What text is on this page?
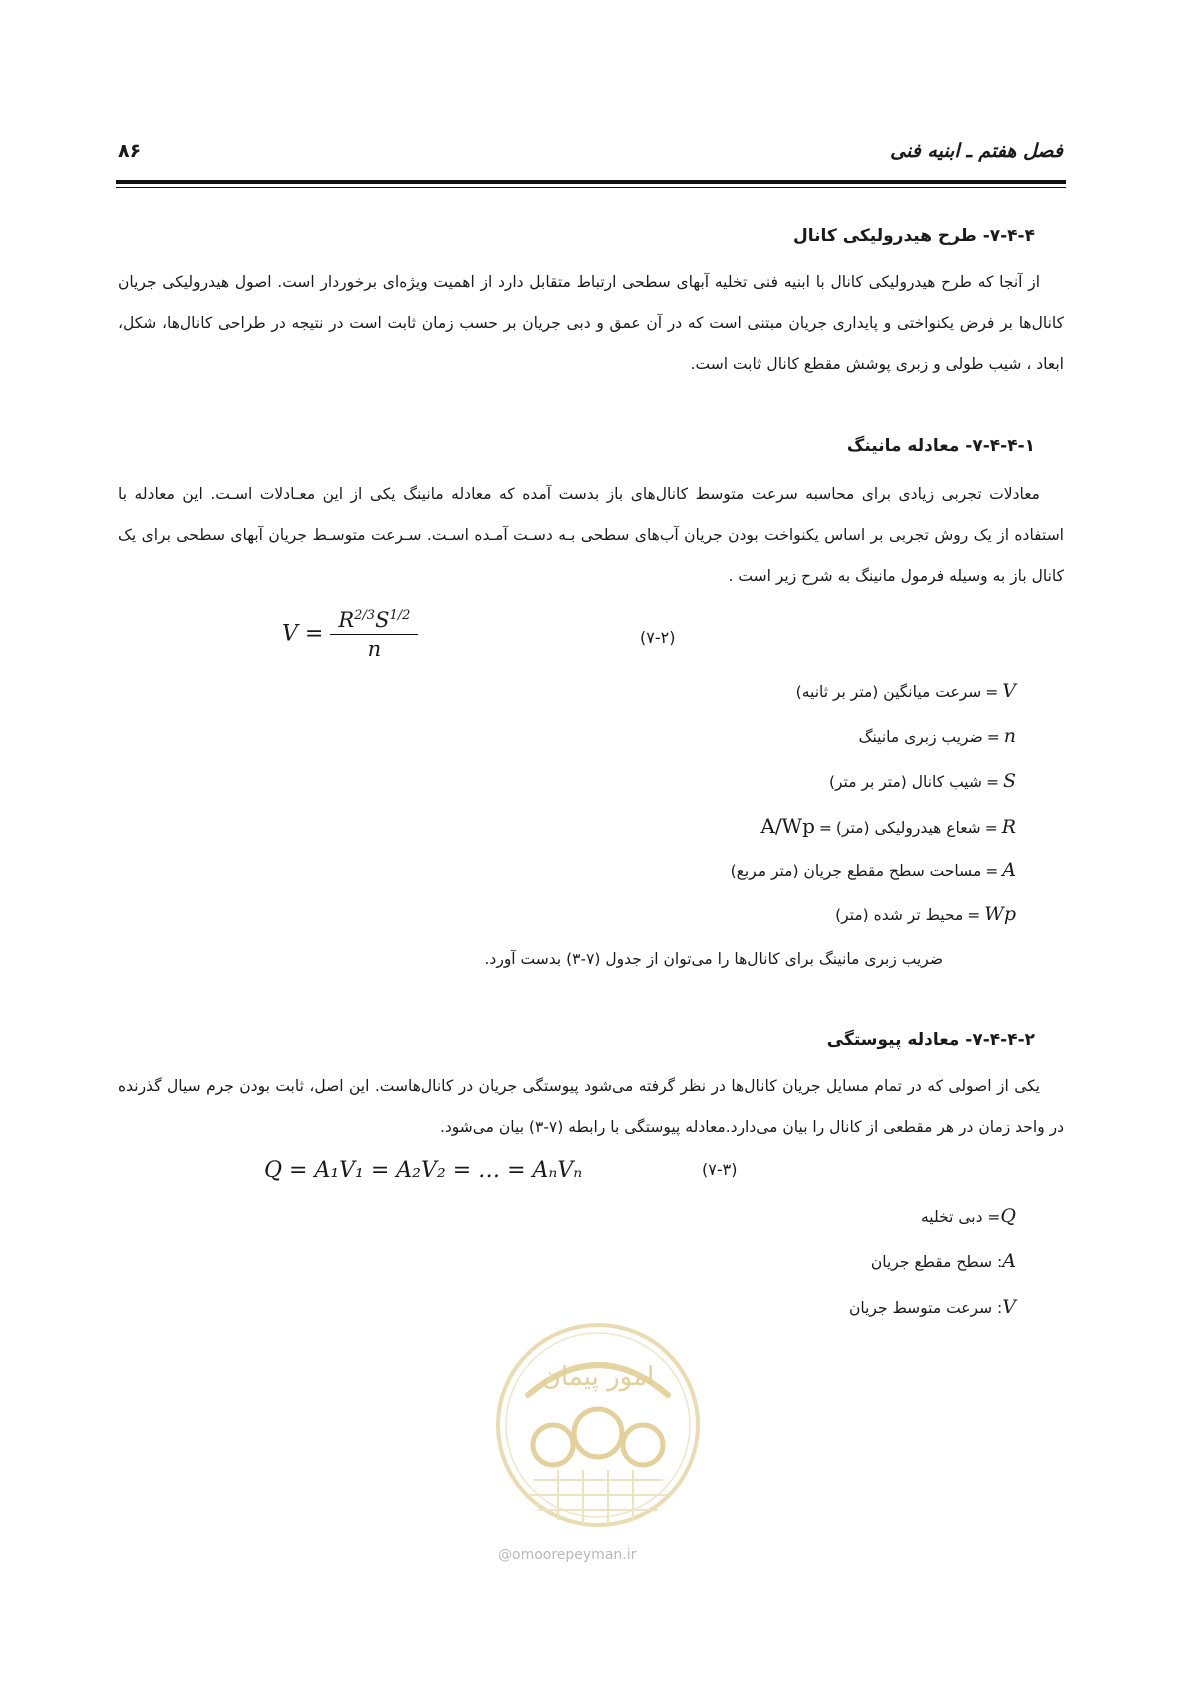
فصل هفتم ـ ابنیه فنی
۸۶
۷-۴-۴- طرح هیدرولیکی کانال
از آنجا که طرح هیدرولیکی کانال با ابنیه فنی تخلیه آبهای سطحی ارتباط متقابل دارد از اهمیت ویژه‌ای برخوردار است. اصول هیدرولیکی جریان کانال‌ها بر فرض یکنواختی و پایداری جریان مبتنی است که در آن عمق و دبی جریان بر حسب زمان ثابت است در نتیجه در طراحی کانال‌ها، شکل، ابعاد ، شیب طولی و زبری پوشش مقطع کانال ثابت است.
۷-۴-۴-۱- معادله مانینگ
معادلات تجربی زیادی برای محاسبه سرعت متوسط کانال‌های باز بدست آمده که معادله مانینگ یکی از این معـادلات اسـت. این معادله با استفاده از یک روش تجربی بر اساس یکنواخت بودن جریان آب‌های سطحی بـه دسـت آمـده اسـت. سـرعت متوسـط جریان آبهای سطحی برای یک کانال باز به وسیله فرمول مانینگ به شرح زیر است .
$V = \frac{R^{2/3}S^{1/2}}{n}$	(۷-۲)
V=سرعت میانگین (متر بر ثانیه)
n=ضریب زبری مانینگ
S=شیب کانال (متر بر متر)
R=شعاع هیدرولیکی (متر)=A/Wp
A=مساحت سطح مقطع جریان (متر مربع)
Wp=محیط تر شده (متر)
ضریب زبری مانینگ برای کانال‌ها را می‌توان از جدول (۷-۳) بدست آورد.
۷-۴-۴-۲- معادله پیوستگی
یکی از اصولی که در تمام مسایل جریان کانال‌ها در نظر گرفته می‌شود پیوستگی جریان در کانال‌هاست. این اصل، ثابت بودن جرم سیال گذرنده در واحد زمان در هر مقطعی از کانال را بیان می‌دارد.معادله پیوستگی با رابطه (۷-۳) بیان می‌شود.
Q = A₁V₁ = A₂V₂ = … = AₙVₙ	(۷-۳)
Q= دبی تخلیه
A: سطح مقطع جریان
V: سرعت متوسط جریان
امور پیمان
@omoorepeyman.ir
